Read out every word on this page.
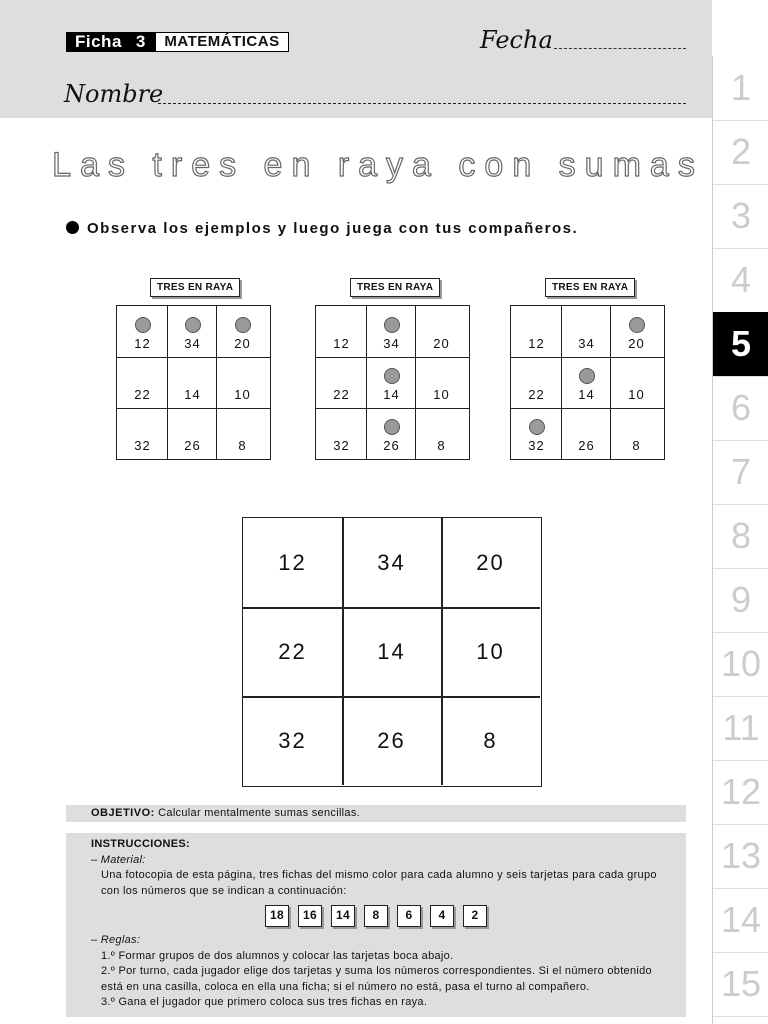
Ficha 3	MATEMÁTICAS	Fecha
Nombre	1
2
3
4
5
6
7
8
9
10
11
12
13
14
15
Las tres en raya con sumas
Observa los ejemplos y luego juega con tus compañeros.
TRES EN RAYA
12	34	20
22	14	10
32	26	8
TRES EN RAYA
12	34	20
22	14	10
32	26	8
TRES EN RAYA
12	34	20
22	14	10
32	26	8
12	34	20
22	14	10
32	26	8
OBJETIVO: Calcular mentalmente sumas sencillas.
INSTRUCCIONES:
– Material:
Una fotocopia de esta página, tres fichas del mismo color para cada alumno y seis tarjetas para cada grupo con los números que se indican a continuación:
18	16	14	8	6	4	2
– Reglas:
1.º Formar grupos de dos alumnos y colocar las tarjetas boca abajo.
2.º Por turno, cada jugador elige dos tarjetas y suma los números correspondientes. Si el número obtenido está en una casilla, coloca en ella una ficha; si el número no está, pasa el turno al compañero.
3.º Gana el jugador que primero coloca sus tres fichas en raya.
